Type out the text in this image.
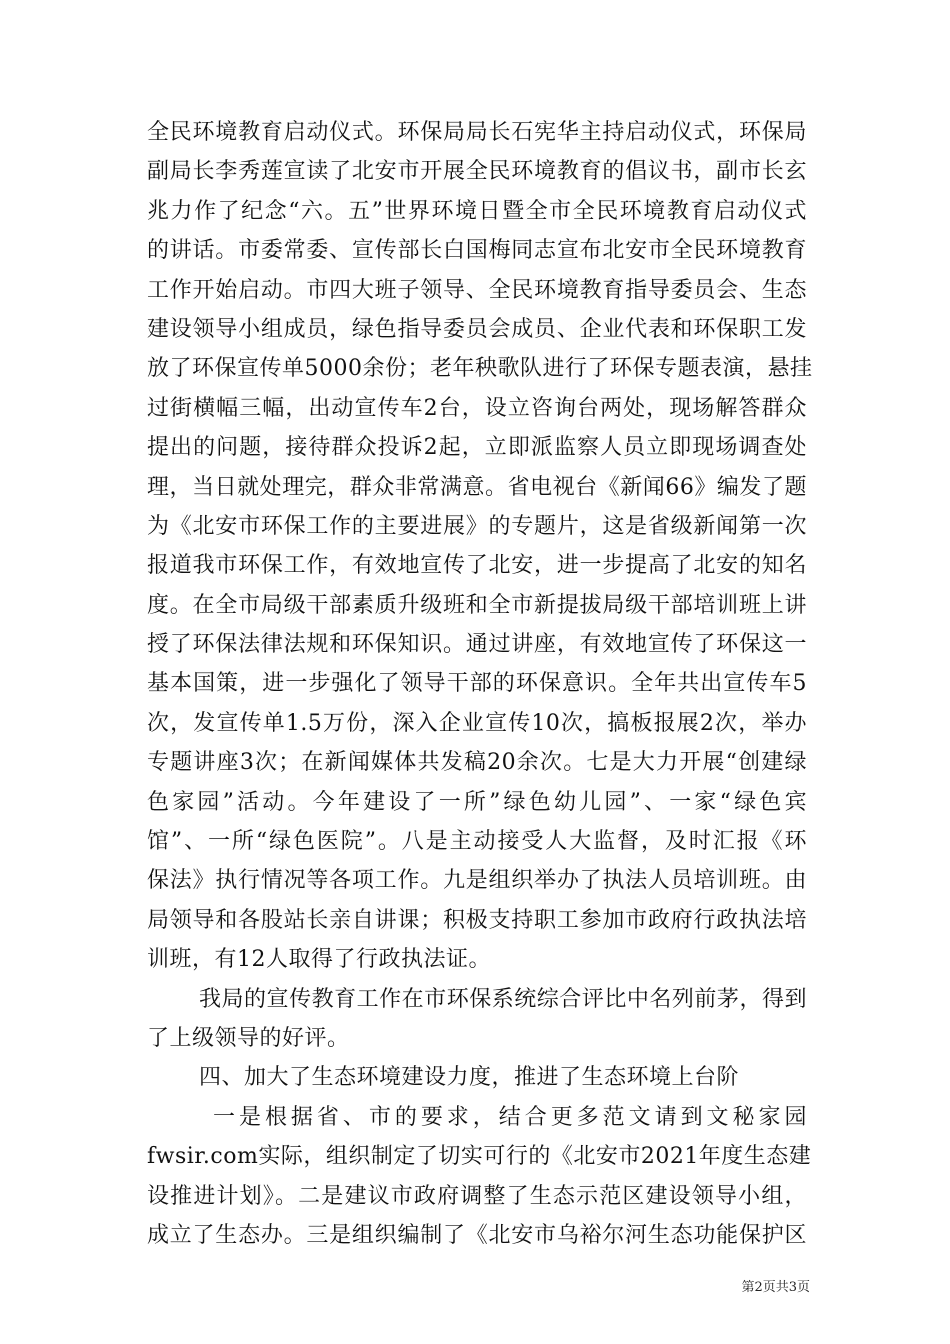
全民环境教育启动仪式。环保局局长石宪华主持启动仪式，环保局
副局长李秀莲宣读了北安市开展全民环境教育的倡议书，副市长玄
兆力作了纪念“六。五”世界环境日暨全市全民环境教育启动仪式
的讲话。市委常委、宣传部长白国梅同志宣布北安市全民环境教育
工作开始启动。市四大班子领导、全民环境教育指导委员会、生态
建设领导小组成员，绿色指导委员会成员、企业代表和环保职工发
放了环保宣传单5000余份；老年秧歌队进行了环保专题表演，悬挂
过街横幅三幅，出动宣传车2台，设立咨询台两处，现场解答群众
提出的问题，接待群众投诉2起，立即派监察人员立即现场调查处
理，当日就处理完，群众非常满意。省电视台《新闻66》编发了题
为《北安市环保工作的主要进展》的专题片，这是省级新闻第一次
报道我市环保工作，有效地宣传了北安，进一步提高了北安的知名
度。在全市局级干部素质升级班和全市新提拔局级干部培训班上讲
授了环保法律法规和环保知识。通过讲座，有效地宣传了环保这一
基本国策，进一步强化了领导干部的环保意识。全年共出宣传车5
次，发宣传单1.5万份，深入企业宣传10次，搞板报展2次，举办
专题讲座3次；在新闻媒体共发稿20余次。七是大力开展“创建绿
色家园”活动。今年建设了一所”绿色幼儿园”、一家“绿色宾
馆”、一所“绿色医院”。八是主动接受人大监督，及时汇报《环
保法》执行情况等各项工作。九是组织举办了执法人员培训班。由
局领导和各股站长亲自讲课；积极支持职工参加市政府行政执法培
训班，有12人取得了行政执法证。
我局的宣传教育工作在市环保系统综合评比中名列前茅，得到
了上级领导的好评。
四、加大了生态环境建设力度，推进了生态环境上台阶
一是根据省、市的要求，结合更多范文请到文秘家园
fwsir.com实际，组织制定了切实可行的《北安市2021年度生态建
设推进计划》。二是建议市政府调整了生态示范区建设领导小组，
成立了生态办。三是组织编制了《北安市乌裕尔河生态功能保护区
第2页共3页
